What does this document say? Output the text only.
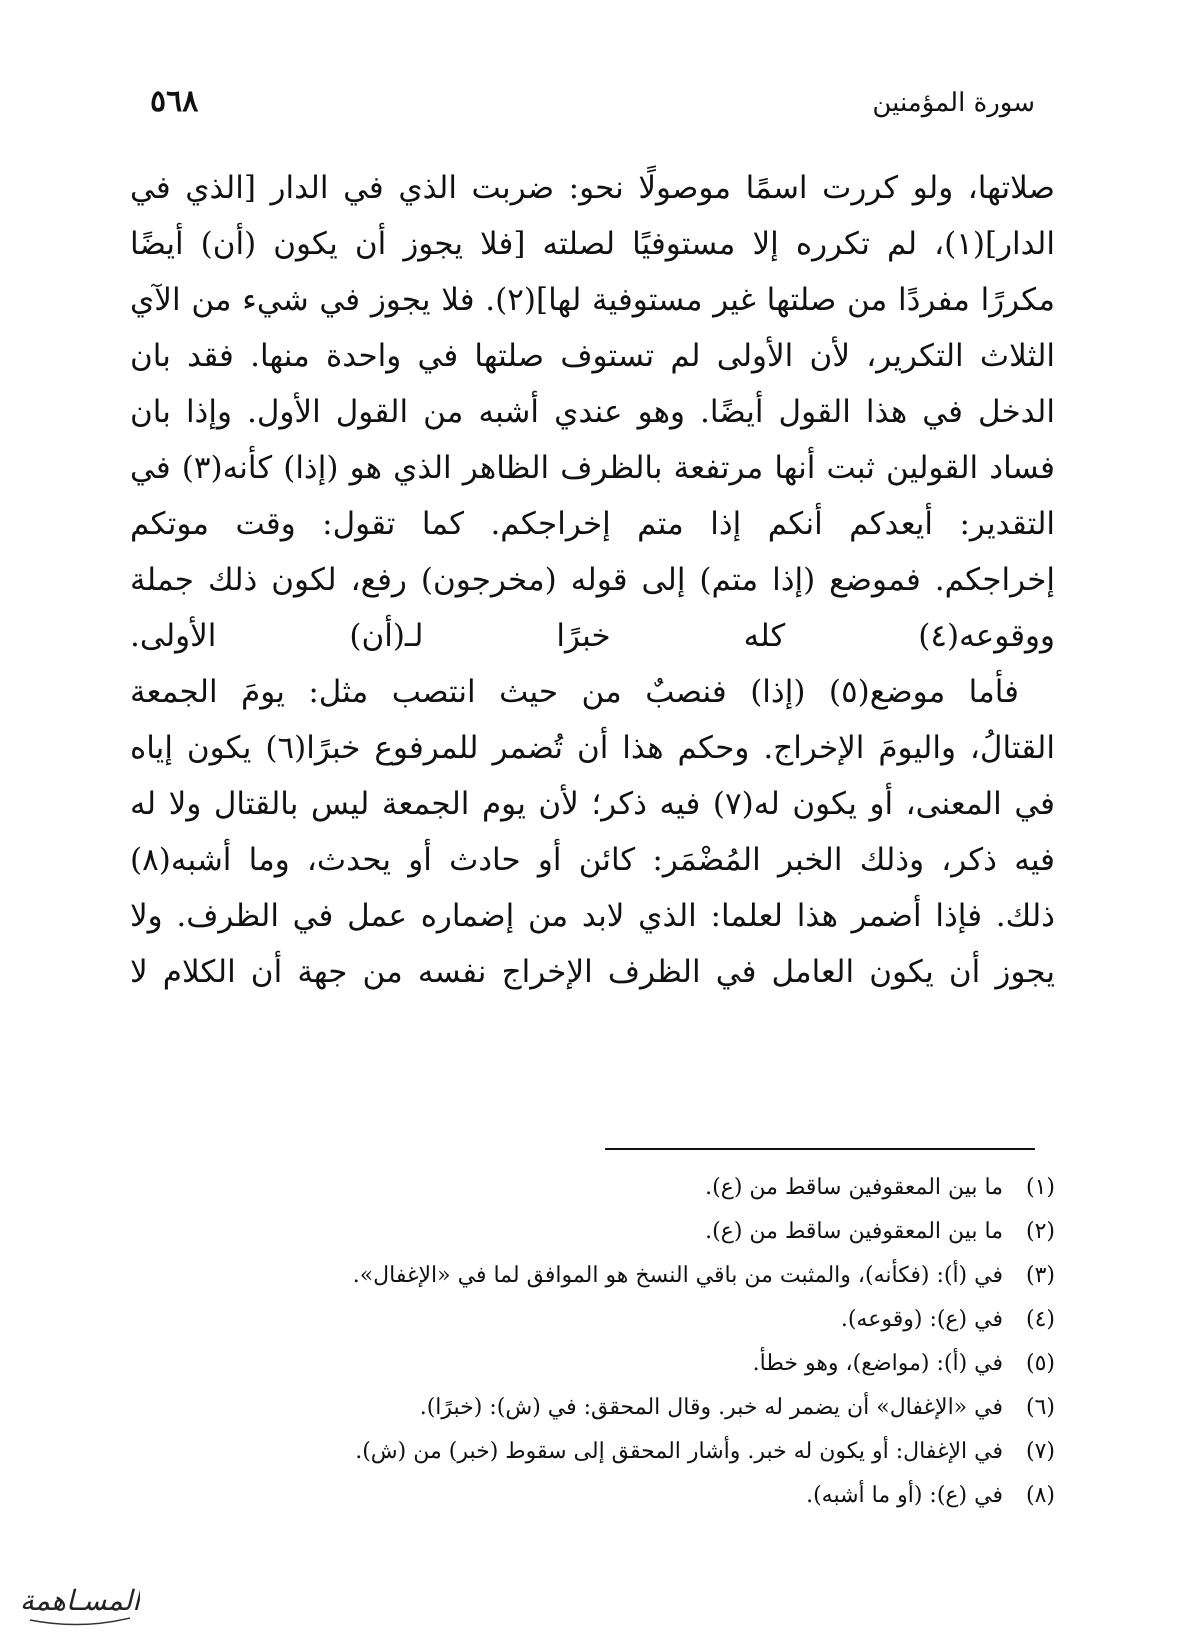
سورة المؤمنين
٥٦٨
صلاتها، ولو كررت اسمًا موصولًا نحو: ضربت الذي في الدار [الذي في
الدار](١)، لم تكرره إلا مستوفيًا لصلته [فلا يجوز أن يكون (أن) أيضًا
مكررًا مفردًا من صلتها غير مستوفية لها](٢). فلا يجوز في شيء من الآي
الثلاث التكرير، لأن الأولى لم تستوف صلتها في واحدة منها. فقد بان
الدخل في هذا القول أيضًا. وهو عندي أشبه من القول الأول. وإذا بان
فساد القولين ثبت أنها مرتفعة بالظرف الظاهر الذي هو (إذا) كأنه(٣) في
التقدير: أيعدكم أنكم إذا متم إخراجكم. كما تقول: وقت موتكم
إخراجكم. فموضع (إذا متم) إلى قوله (مخرجون) رفع، لكون ذلك جملة
ووقوعه(٤) كله خبرًا لـ(أن) الأولى.
فأما موضع(٥) (إذا) فنصبٌ من حيث انتصب مثل: يومَ الجمعة
القتالُ، واليومَ الإخراج. وحكم هذا أن تُضمر للمرفوع خبرًا(٦) يكون إياه
في المعنى، أو يكون له(٧) فيه ذكر؛ لأن يوم الجمعة ليس بالقتال ولا له
فيه ذكر، وذلك الخبر المُضْمَر: كائن أو حادث أو يحدث، وما أشبه(٨)
ذلك. فإذا أضمر هذا لعلما: الذي لابد من إضماره عمل في الظرف. ولا
يجوز أن يكون العامل في الظرف الإخراج نفسه من جهة أن الكلام لا
(١)
ما بين المعقوفين ساقط من (ع).
(٢)
ما بين المعقوفين ساقط من (ع).
(٣)
في (أ): (فكأنه)، والمثبت من باقي النسخ هو الموافق لما في «الإغفال».
(٤)
في (ع): (وقوعه).
(٥)
في (أ): (مواضع)، وهو خطأ.
(٦)
في «الإغفال» أن يضمر له خبر. وقال المحقق: في (ش): (خبرًا).
(٧)
في الإغفال: أو يكون له خبر. وأشار المحقق إلى سقوط (خبر) من (ش).
(٨)
في (ع): (أو ما أشبه).
المسـاهمة
